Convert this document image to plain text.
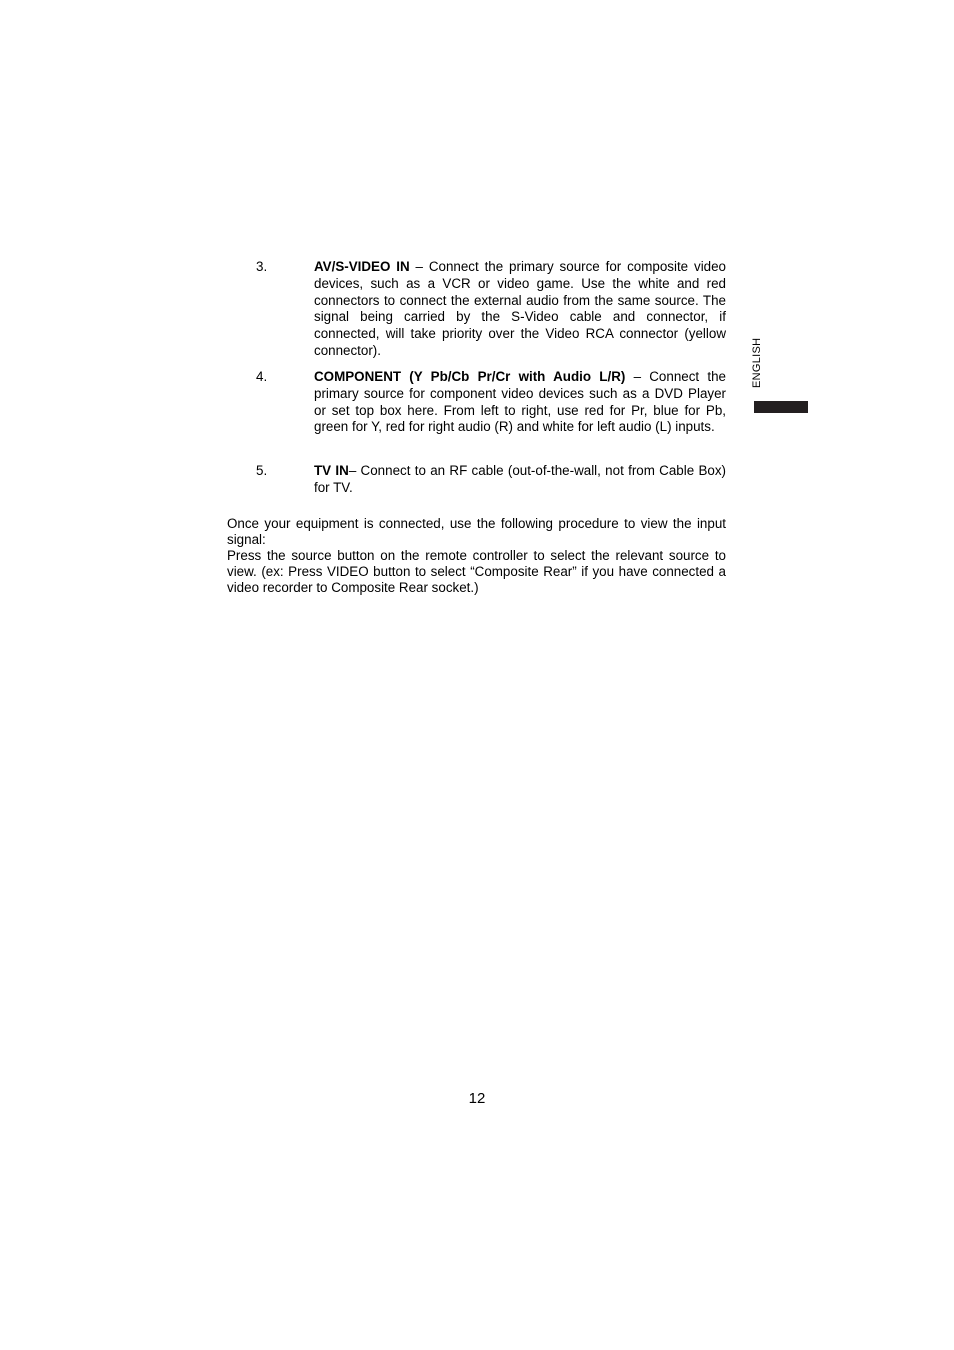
3.	AV/S-VIDEO IN – Connect the primary source for composite video devices, such as a VCR or video game. Use the white and red connectors to connect the external audio from the same source. The signal being carried by the S-Video cable and connector, if connected, will take priority over the Video RCA connector (yellow connector).
4.	COMPONENT (Y Pb/Cb Pr/Cr with Audio L/R) – Connect the primary source for component video devices such as a DVD Player or set top box here. From left to right, use red for Pr, blue for Pb, green for Y, red for right audio (R) and white for left audio (L) inputs.
5.	TV IN– Connect to an RF cable (out-of-the-wall, not from Cable Box) for TV.

Once your equipment is connected, use the following procedure to view the input signal:

Press the source button on the remote controller to select the relevant source to view. (ex: Press VIDEO button to select “Composite Rear” if you have connected a video recorder to Composite Rear socket.)

ENGLISH
12
